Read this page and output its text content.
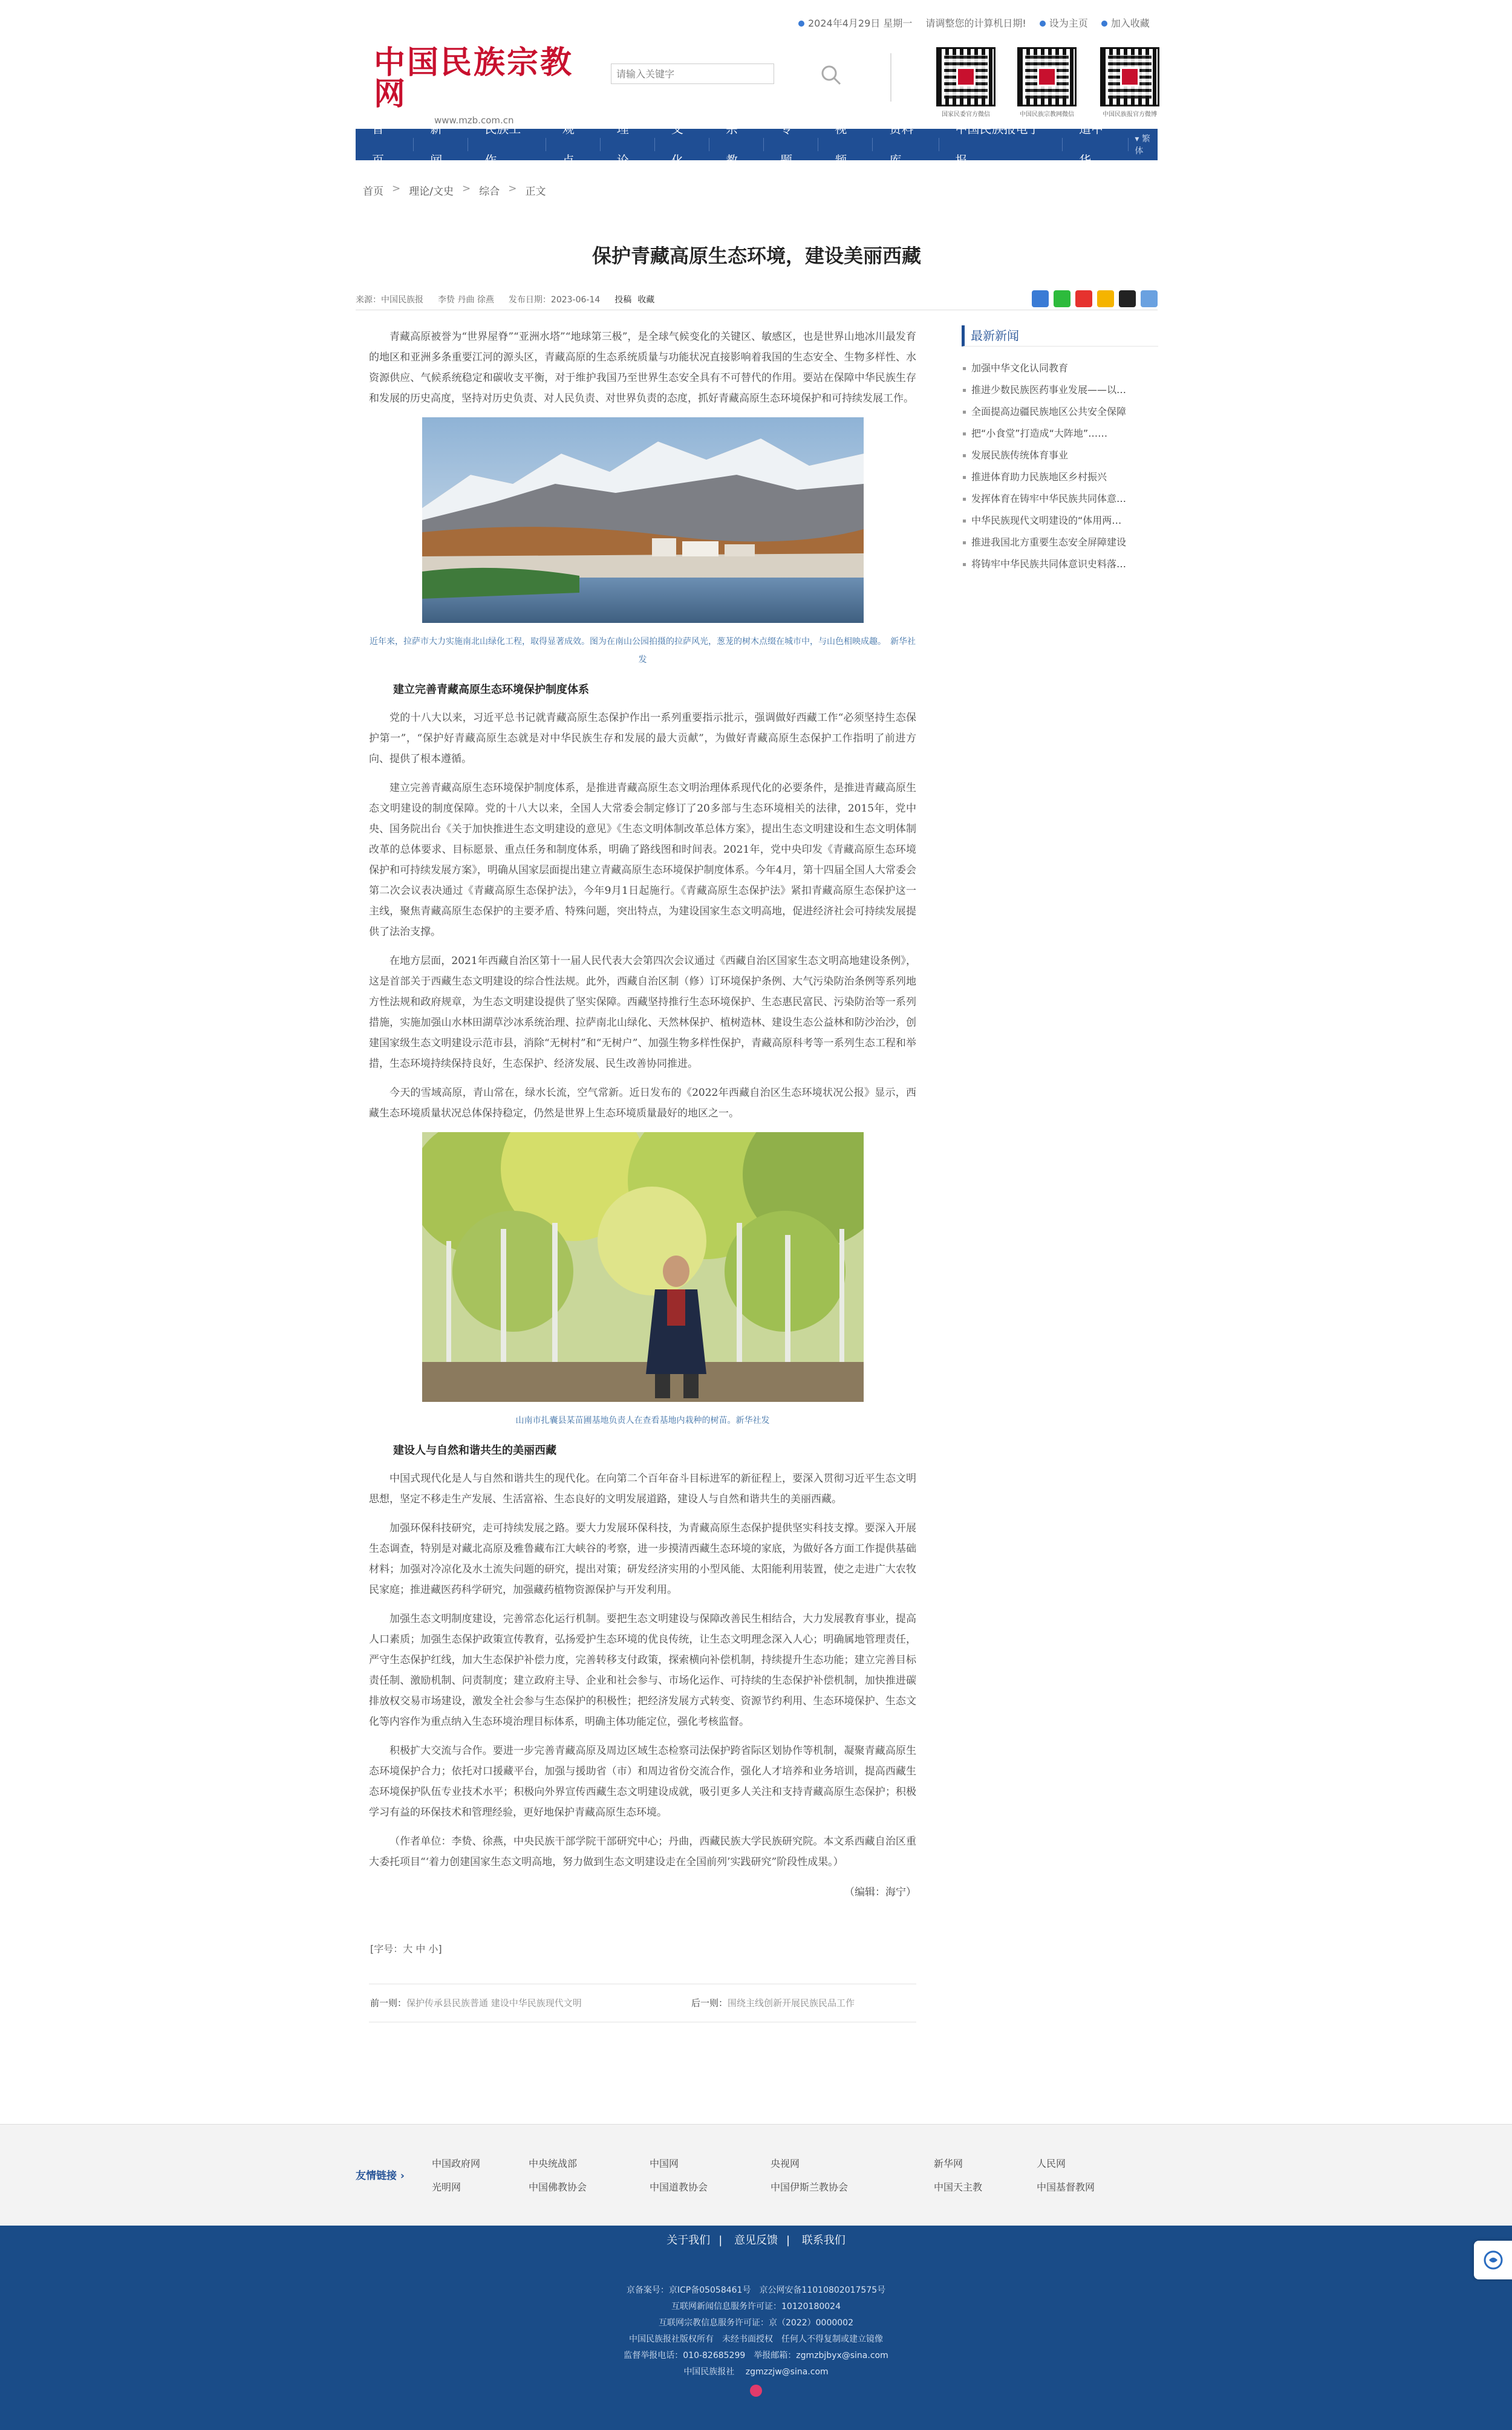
2024年4月29日 星期一 请调整您的计算机日期!	设为主页	加入收藏
中国民族宗教网
www.mzb.com.cn
请输入关键字
国家民委官方微信	中国民族宗教网微信	中国民族报官方微博
首 页
新闻
民族工作
观点
理论
文化
宗教
专题
视频
资料库
中国民族报电子报
道中华
▾ 繁体
首页 > 理论/文史 > 综合 > 正文
保护青藏高原生态环境，建设美丽西藏
来源：中国民族报 李贽 丹曲 徐燕 发布日期：2023-06-14 投稿 收藏

青藏高原被誉为“世界屋脊”“亚洲水塔”“地球第三极”，是全球气候变化的关键区、敏感区，也是世界山地冰川最发育的地区和亚洲多条重要江河的源头区，青藏高原的生态系统质量与功能状况直接影响着我国的生态安全、生物多样性、水资源供应、气候系统稳定和碳收支平衡，对于维护我国乃至世界生态安全具有不可替代的作用。要站在保障中华民族生存和发展的历史高度，坚持对历史负责、对人民负责、对世界负责的态度，抓好青藏高原生态环境保护和可持续发展工作。

近年来，拉萨市大力实施南北山绿化工程，取得显著成效。图为在南山公园拍摄的拉萨风光，葱茏的树木点缀在城市中，与山色相映成趣。　新华社发
建立完善青藏高原生态环境保护制度体系

党的十八大以来，习近平总书记就青藏高原生态保护作出一系列重要指示批示，强调做好西藏工作“必须坚持生态保护第一”，“保护好青藏高原生态就是对中华民族生存和发展的最大贡献”，为做好青藏高原生态保护工作指明了前进方向、提供了根本遵循。

建立完善青藏高原生态环境保护制度体系，是推进青藏高原生态文明治理体系现代化的必要条件，是推进青藏高原生态文明建设的制度保障。党的十八大以来，全国人大常委会制定修订了20多部与生态环境相关的法律，2015年，党中央、国务院出台《关于加快推进生态文明建设的意见》《生态文明体制改革总体方案》，提出生态文明建设和生态文明体制改革的总体要求、目标愿景、重点任务和制度体系，明确了路线图和时间表。2021年，党中央印发《青藏高原生态环境保护和可持续发展方案》，明确从国家层面提出建立青藏高原生态环境保护制度体系。今年4月，第十四届全国人大常委会第二次会议表决通过《青藏高原生态保护法》，今年9月1日起施行。《青藏高原生态保护法》紧扣青藏高原生态保护这一主线，聚焦青藏高原生态保护的主要矛盾、特殊问题，突出特点，为建设国家生态文明高地，促进经济社会可持续发展提供了法治支撑。

在地方层面，2021年西藏自治区第十一届人民代表大会第四次会议通过《西藏自治区国家生态文明高地建设条例》，这是首部关于西藏生态文明建设的综合性法规。此外，西藏自治区制（修）订环境保护条例、大气污染防治条例等系列地方性法规和政府规章，为生态文明建设提供了坚实保障。西藏坚持推行生态环境保护、生态惠民富民、污染防治等一系列措施，实施加强山水林田湖草沙冰系统治理、拉萨南北山绿化、天然林保护、植树造林、建设生态公益林和防沙治沙，创建国家级生态文明建设示范市县，消除“无树村”和“无树户”、加强生物多样性保护，青藏高原科考等一系列生态工程和举措，生态环境持续保持良好，生态保护、经济发展、民生改善协同推进。

今天的雪域高原，青山常在，绿水长流，空气常新。近日发布的《2022年西藏自治区生态环境状况公报》显示，西藏生态环境质量状况总体保持稳定，仍然是世界上生态环境质量最好的地区之一。

山南市扎囊县某苗圃基地负责人在查看基地内栽种的树苗。新华社发
建设人与自然和谐共生的美丽西藏

中国式现代化是人与自然和谐共生的现代化。在向第二个百年奋斗目标进军的新征程上，要深入贯彻习近平生态文明思想，坚定不移走生产发展、生活富裕、生态良好的文明发展道路，建设人与自然和谐共生的美丽西藏。

加强环保科技研究，走可持续发展之路。要大力发展环保科技，为青藏高原生态保护提供坚实科技支撑。要深入开展生态调查，特别是对藏北高原及雅鲁藏布江大峡谷的考察，进一步摸清西藏生态环境的家底，为做好各方面工作提供基础材料；加强对冷凉化及水土流失问题的研究，提出对策；研发经济实用的小型风能、太阳能利用装置，使之走进广大农牧民家庭；推进藏医药科学研究，加强藏药植物资源保护与开发利用。

加强生态文明制度建设，完善常态化运行机制。要把生态文明建设与保障改善民生相结合，大力发展教育事业，提高人口素质；加强生态保护政策宣传教育，弘扬爱护生态环境的优良传统，让生态文明理念深入人心；明确属地管理责任，严守生态保护红线，加大生态保护补偿力度，完善转移支付政策，探索横向补偿机制，持续提升生态功能；建立完善目标责任制、激励机制、问责制度；建立政府主导、企业和社会参与、市场化运作、可持续的生态保护补偿机制，加快推进碳排放权交易市场建设，激发全社会参与生态保护的积极性；把经济发展方式转变、资源节约利用、生态环境保护、生态文化等内容作为重点纳入生态环境治理目标体系，明确主体功能定位，强化考核监督。

积极扩大交流与合作。要进一步完善青藏高原及周边区域生态检察司法保护跨省际区划协作等机制，凝聚青藏高原生态环境保护合力；依托对口援藏平台，加强与援助省（市）和周边省份交流合作，强化人才培养和业务培训，提高西藏生态环境保护队伍专业技术水平；积极向外界宣传西藏生态文明建设成就，吸引更多人关注和支持青藏高原生态保护；积极学习有益的环保技术和管理经验，更好地保护青藏高原生态环境。

（作者单位：李贽、徐燕，中央民族干部学院干部研究中心；丹曲，西藏民族大学民族研究院。本文系西藏自治区重大委托项目“‘着力创建国家生态文明高地，努力做到生态文明建设走在全国前列’实践研究”阶段性成果。）

（编辑：海宁）
[字号：大 中 小]
前一则：保护传承县民族普通 建设中华民族现代文明	后一则：围绕主线创新开展民族民品工作
最新新闻
加强中华文化认同教育
推进少数民族医药事业发展——以…
全面提高边疆民族地区公共安全保障
把“小食堂”打造成“大阵地”……
发展民族传统体育事业
推进体育助力民族地区乡村振兴
发挥体育在铸牢中华民族共同体意…
中华民族现代文明建设的“体用两…
推进我国北方重要生态安全屏障建设
将铸牢中华民族共同体意识史料落…
友情链接 ›
中国政府网	中央统战部	中国网	央视网	新华网	人民网
光明网	中国佛教协会	中国道教协会	中国伊斯兰教协会	中国天主教	中国基督教网
关于我们 | 意见反馈 | 联系我们
京备案号：京ICP备05058461号　京公网安备11010802017575号
互联网新闻信息服务许可证：10120180024
互联网宗教信息服务许可证：京（2022）0000002
中国民族报社版权所有　未经书面授权　任何人不得复制或建立镜像
监督举报电话：010-82685299　举报邮箱：zgmzbjbyx@sina.com
中国民族报社 　zgmzzjw@sina.com
